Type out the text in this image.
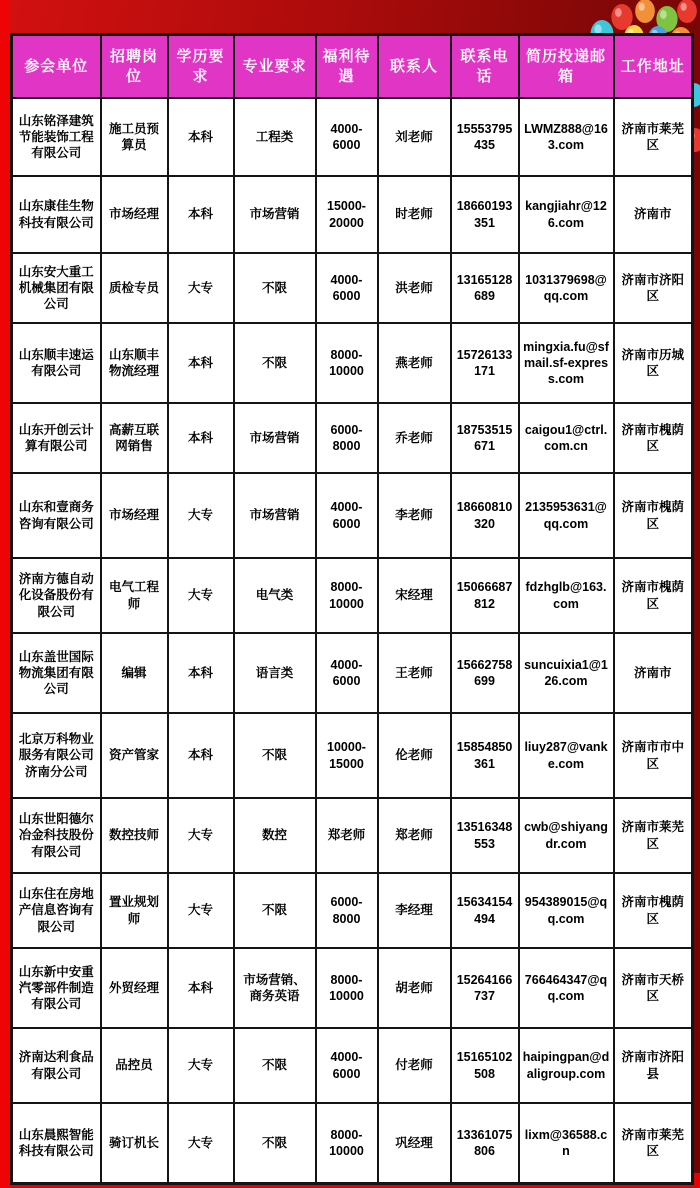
参会单位	招聘岗位	学历要求	专业要求	福利待遇	联系人	联系电话	简历投递邮箱	工作地址
山东铭泽建筑节能装饰工程有限公司	施工员预算员	本科	工程类	4000-6000	刘老师	15553795435	LWMZ888@163.com	济南市莱芜区
山东康佳生物科技有限公司	市场经理	本科	市场营销	15000-20000	时老师	18660193351	kangjiahr@126.com	济南市
山东安大重工机械集团有限公司	质检专员	大专	不限	4000-6000	洪老师	13165128689	1031379698@qq.com	济南市济阳区
山东顺丰速运有限公司	山东顺丰物流经理	本科	不限	8000-10000	燕老师	15726133171	mingxia.fu@sfmail.sf-express.com	济南市历城区
山东开创云计算有限公司	高薪互联网销售	本科	市场营销	6000-8000	乔老师	18753515671	caigou1@ctrl.com.cn	济南市槐荫区
山东和壹商务咨询有限公司	市场经理	大专	市场营销	4000-6000	李老师	18660810320	2135953631@qq.com	济南市槐荫区
济南方德自动化设备股份有限公司	电气工程师	大专	电气类	8000-10000	宋经理	15066687812	fdzhglb@163.com	济南市槐荫区
山东盖世国际物流集团有限公司	编辑	本科	语言类	4000-6000	王老师	15662758699	suncuixia1@126.com	济南市
北京万科物业服务有限公司济南分公司	资产管家	本科	不限	10000-15000	伦老师	15854850361	liuy287@vanke.com	济南市市中区
山东世阳德尔冶金科技股份有限公司	数控技师	大专	数控	郑老师	郑老师	13516348553	cwb@shiyangdr.com	济南市莱芜区
山东住在房地产信息咨询有限公司	置业规划师	大专	不限	6000-8000	李经理	15634154494	954389015@qq.com	济南市槐荫区
山东新中安重汽零部件制造有限公司	外贸经理	本科	市场营销、商务英语	8000-10000	胡老师	15264166737	766464347@qq.com	济南市天桥区
济南达利食品有限公司	品控员	大专	不限	4000-6000	付老师	15165102508	haipingpan@daligroup.com	济南市济阳县
山东晨熙智能科技有限公司	骑订机长	大专	不限	8000-10000	巩经理	13361075806	lixm@36588.cn	济南市莱芜区
